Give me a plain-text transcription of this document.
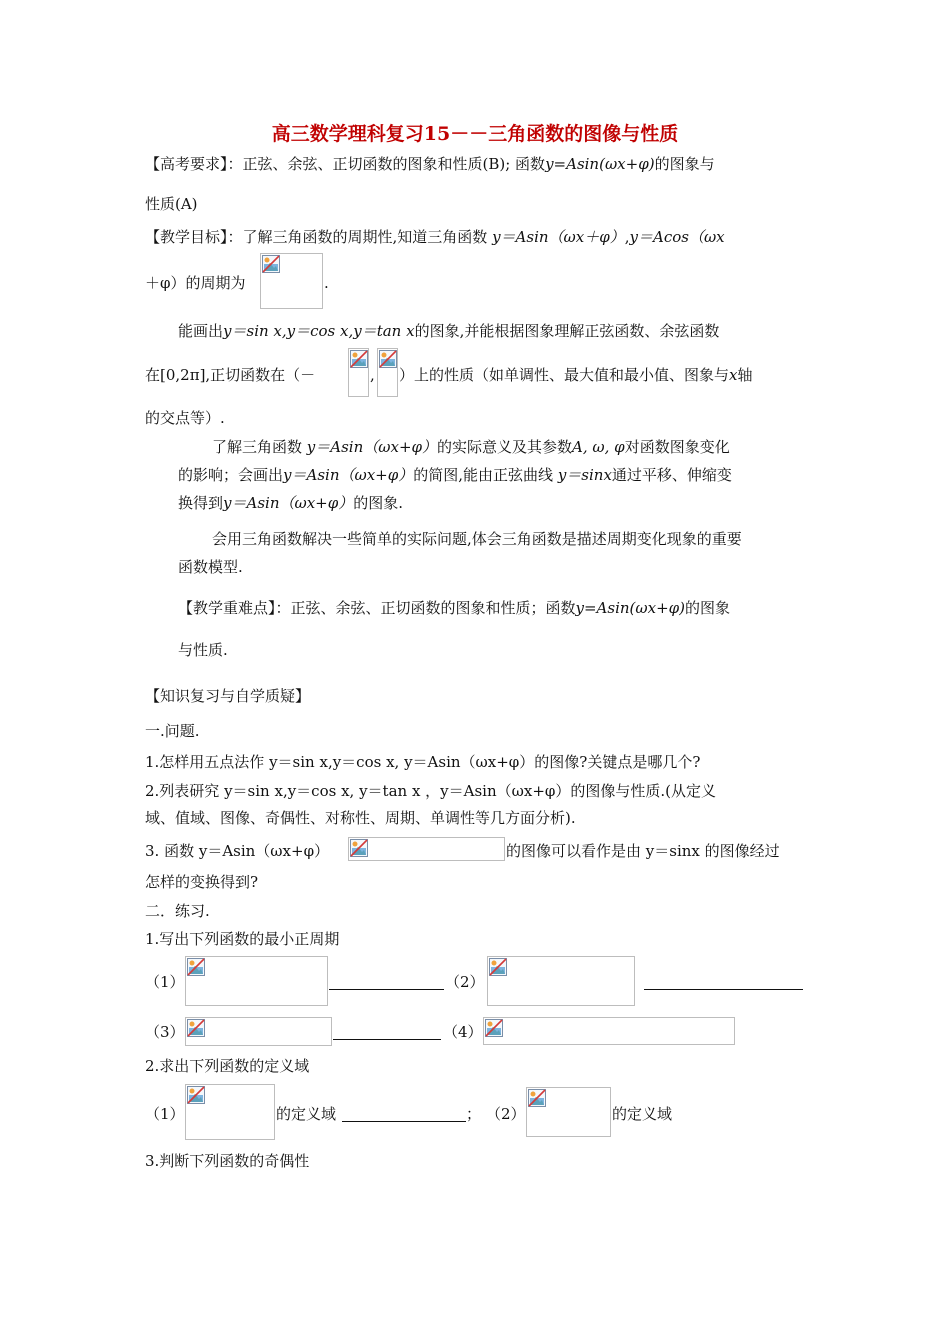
高三数学理科复习15－－三角函数的图像与性质
【高考要求】：正弦、余弦、正切函数的图象和性质(B); 函数y=Asin(ωx+φ)的图象与
性质(A)
【教学目标】：了解三角函数的周期性,知道三角函数 y＝Asin（ωx＋φ）,y＝Acos（ωx
＋φ）的周期为	.
能画出y＝sin x,y＝cos x,y＝tan x的图象,并能根据图象理解正弦函数、余弦函数
在[0,2π],正切函数在（－	, ）上的性质（如单调性、最大值和最小值、图象与x轴
的交点等）.
了解三角函数 y＝Asin（ωx+φ）的实际意义及其参数A, ω, φ对函数图象变化
的影响；会画出y＝Asin（ωx+φ）的简图,能由正弦曲线 y＝sinx通过平移、伸缩变
换得到y＝Asin（ωx+φ）的图象.
会用三角函数解决一些简单的实际问题,体会三角函数是描述周期变化现象的重要
函数模型.
【教学重难点】：正弦、余弦、正切函数的图象和性质；函数y=Asin(ωx+φ)的图象
与性质.
【知识复习与自学质疑】
一.问题.
1.怎样用五点法作 y＝sin x,y＝cos x, y＝Asin（ωx+φ）的图像?关键点是哪几个?
2.列表研究 y＝sin x,y＝cos x, y＝tan x ，y＝Asin（ωx+φ）的图像与性质.(从定义
域、值域、图像、奇偶性、对称性、周期、单调性等几方面分析).
3. 函数 y＝Asin（ωx+φ）	的图像可以看作是由 y＝sinx 的图像经过
怎样的变换得到?
二．练习.
1.写出下列函数的最小正周期
（1）	（2）
（3）	（4）
2.求出下列函数的定义域
（1）	的定义域	； （2）	的定义域
3.判断下列函数的奇偶性
